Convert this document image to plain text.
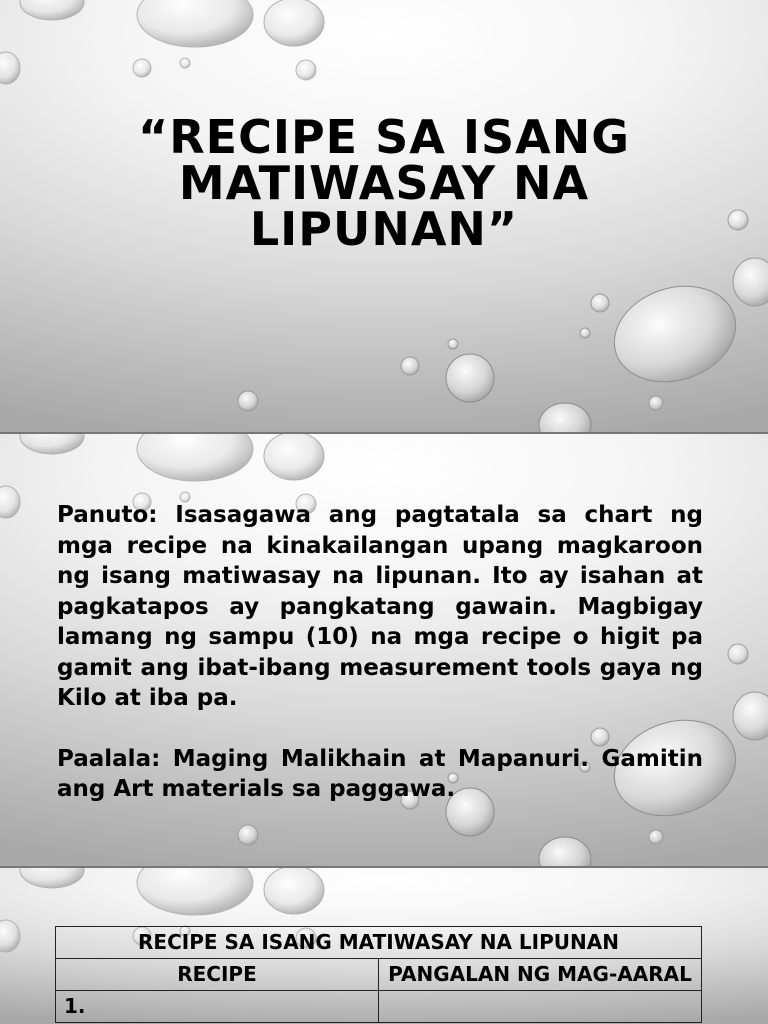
“RECIPE SA ISANG MATIWASAY NA LIPUNAN”

Panuto: Isasagawa ang pagtatala sa chart ng mga recipe na kinakailangan upang magkaroon ng isang matiwasay na lipunan. Ito ay isahan at pagkatapos ay pangkatang gawain. Magbigay lamang ng sampu (10) na mga recipe o higit pa gamit ang ibat-ibang measurement tools gaya ng Kilo at iba pa.

Paalala: Maging Malikhain at Mapanuri. Gamitin ang Art materials sa paggawa.

RECIPE SA ISANG MATIWASAY NA LIPUNAN	
RECIPE	PANGALAN NG MAG-AARAL
1.	
